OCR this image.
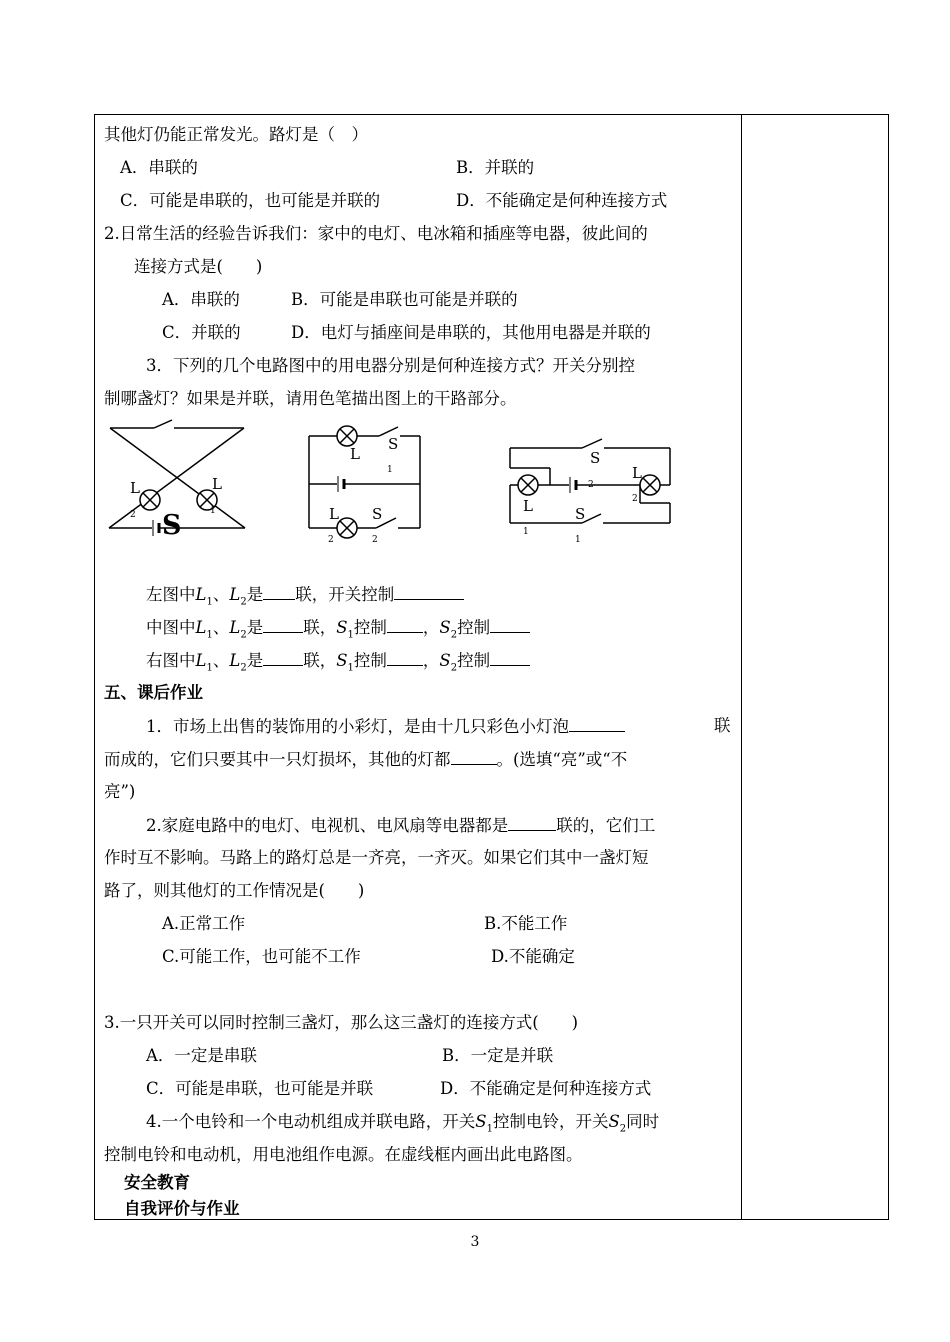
其他灯仍能正常发光。路灯是（　）
A．串联的	B．并联的
C．可能是串联的，也可能是并联的	D．不能确定是何种连接方式
2.日常生活的经验告诉我们：家中的电灯、电冰箱和插座等电器，彼此间的
连接方式是(　　)
A．串联的	B．可能是串联也可能是并联的
C．并联的	D．电灯与插座间是串联的，其他用电器是并联的
3．下列的几个电路图中的用电器分别是何种连接方式？开关分别控
制哪盏灯？如果是并联，请用色笔描出图上的干路部分。
L
2
L
1
S
L
S
1
L
2
S
2
S
L
2
2
L
1
S
1
左图中$L_1$、$L_2$是 联，开关控制
中图中$L_1$、$L_2$是 联，$S_1$控制 ，$S_2$控制
右图中$L_1$、$L_2$是 联，$S_1$控制 ，$S_2$控制
五、课后作业
1．市场上出售的装饰用的小彩灯，是由十几只彩色小灯泡	联
而成的，它们只要其中一只灯损坏，其他的灯都	。(选填“亮”或“不
亮”)
2.家庭电路中的电灯、电视机、电风扇等电器都是	联的，它们工
作时互不影响。马路上的路灯总是一齐亮，一齐灭。如果它们其中一盏灯短
路了，则其他灯的工作情况是(　　)
A.正常工作	B.不能工作
C.可能工作，也可能不工作	D.不能确定
3.一只开关可以同时控制三盏灯，那么这三盏灯的连接方式(　　)
A．一定是串联	B．一定是并联
C．可能是串联，也可能是并联	D．不能确定是何种连接方式
4.一个电铃和一个电动机组成并联电路，开关$S_1$控制电铃，开关$S_2$同时
控制电铃和电动机，用电池组作电源。在虚线框内画出此电路图。
安全教育
自我评价与作业
3
